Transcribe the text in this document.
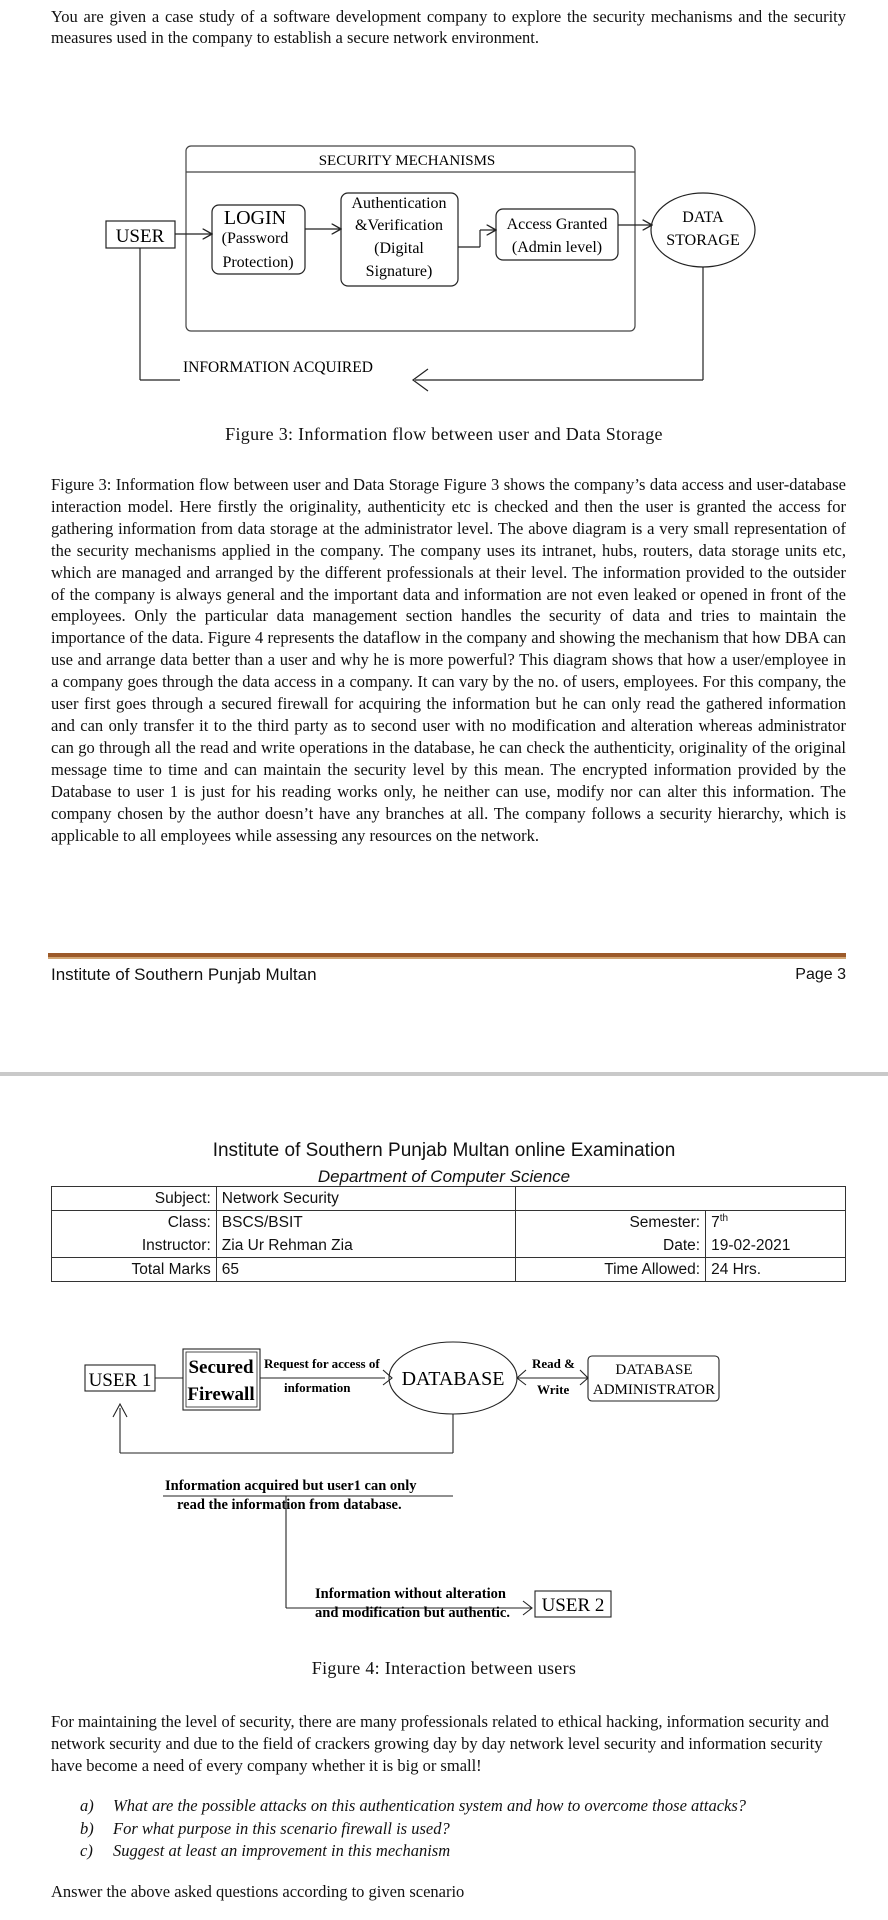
You are given a case study of a software development company to explore the security mechanisms and the security measures used in the company to establish a secure network environment.

SECURITY MECHANISMS
USER
LOGIN
(Password
Protection)
Authentication
&Verification
(Digital
Signature)
Access Granted
(Admin level)
DATA
STORAGE
INFORMATION ACQUIRED
Figure 3: Information flow between user and Data Storage

Figure 3: Information flow between user and Data Storage Figure 3 shows the company’s data access and user-database interaction model. Here firstly the originality, authenticity etc is checked and then the user is granted the access for gathering information from data storage at the administrator level. The above diagram is a very small representation of the security mechanisms applied in the company. The company uses its intranet, hubs, routers, data storage units etc, which are managed and arranged by the different professionals at their level. The information provided to the outsider of the company is always general and the important data and information are not even leaked or opened in front of the employees. Only the particular data management section handles the security of data and tries to maintain the importance of the data. Figure 4 represents the dataflow in the company and showing the mechanism that how DBA can use and arrange data better than a user and why he is more powerful? This diagram shows that how a user/employee in a company goes through the data access in a company. It can vary by the no. of users, employees. For this company, the user first goes through a secured firewall for acquiring the information but he can only read the gathered information and can only transfer it to the third party as to second user with no modification and alteration whereas administrator can go through all the read and write operations in the database, he can check the authenticity, originality of the original message time to time and can maintain the security level by this mean. The encrypted information provided by the Database to user 1 is just for his reading works only, he neither can use, modify nor can alter this information. The company chosen by the author doesn’t have any branches at all. The company follows a security hierarchy, which is applicable to all employees while assessing any resources on the network.

Institute of Southern Punjab Multan	Page 3
Institute of Southern Punjab Multan online Examination
Department of Computer Science
Subject:	Network Security		
Class:	BSCS/BSIT	Semester:	7th
Instructor:	Zia Ur Rehman Zia	Date:	19-02-2021
Total Marks	65	Time Allowed:	24 Hrs.
USER 1
Secured
Firewall
Request for access of
information	DATABASE
Read &
Write
DATABASE
ADMINISTRATOR
Information acquired but user1 can only
read the information from database.
Information without alteration
and modification but authentic. USER 2
Figure 4: Interaction between users

For maintaining the level of security, there are many professionals related to ethical hacking, information security and network security and due to the field of crackers growing day by day network level security and information security have become a need of every company whether it is big or small!

a) What are the possible attacks on this authentication system and how to overcome those attacks?
b) For what purpose in this scenario firewall is used?
c) Suggest at least an improvement in this mechanism

Answer the above asked questions according to given scenario
